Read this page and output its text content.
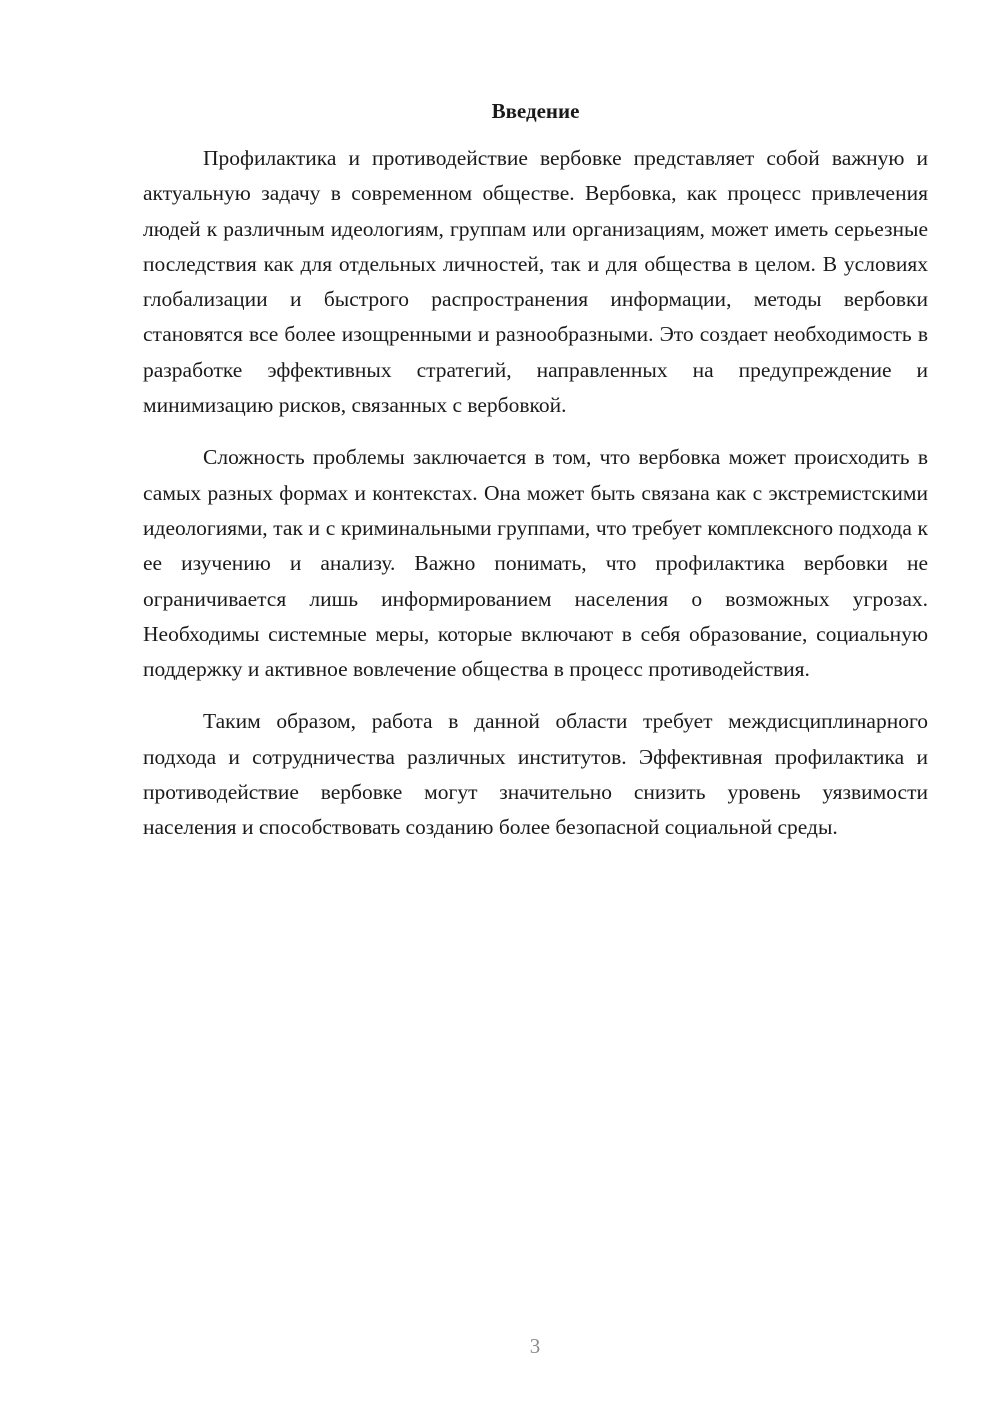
Введение

Профилактика и противодействие вербовке представляет собой важную и актуальную задачу в современном обществе. Вербовка, как процесс привлечения людей к различным идеологиям, группам или организациям, может иметь серьезные последствия как для отдельных личностей, так и для общества в целом. В условиях глобализации и быстрого распространения информации, методы вербовки становятся все более изощренными и разнообразными. Это создает необходимость в разработке эффективных стратегий, направленных на предупреждение и минимизацию рисков, связанных с вербовкой.

Сложность проблемы заключается в том, что вербовка может происходить в самых разных формах и контекстах. Она может быть связана как с экстремистскими идеологиями, так и с криминальными группами, что требует комплексного подхода к ее изучению и анализу. Важно понимать, что профилактика вербовки не ограничивается лишь информированием населения о возможных угрозах. Необходимы системные меры, которые включают в себя образование, социальную поддержку и активное вовлечение общества в процесс противодействия.

Таким образом, работа в данной области требует междисциплинарного подхода и сотрудничества различных институтов. Эффективная профилактика и противодействие вербовке могут значительно снизить уровень уязвимости населения и способствовать созданию более безопасной социальной среды.

3
